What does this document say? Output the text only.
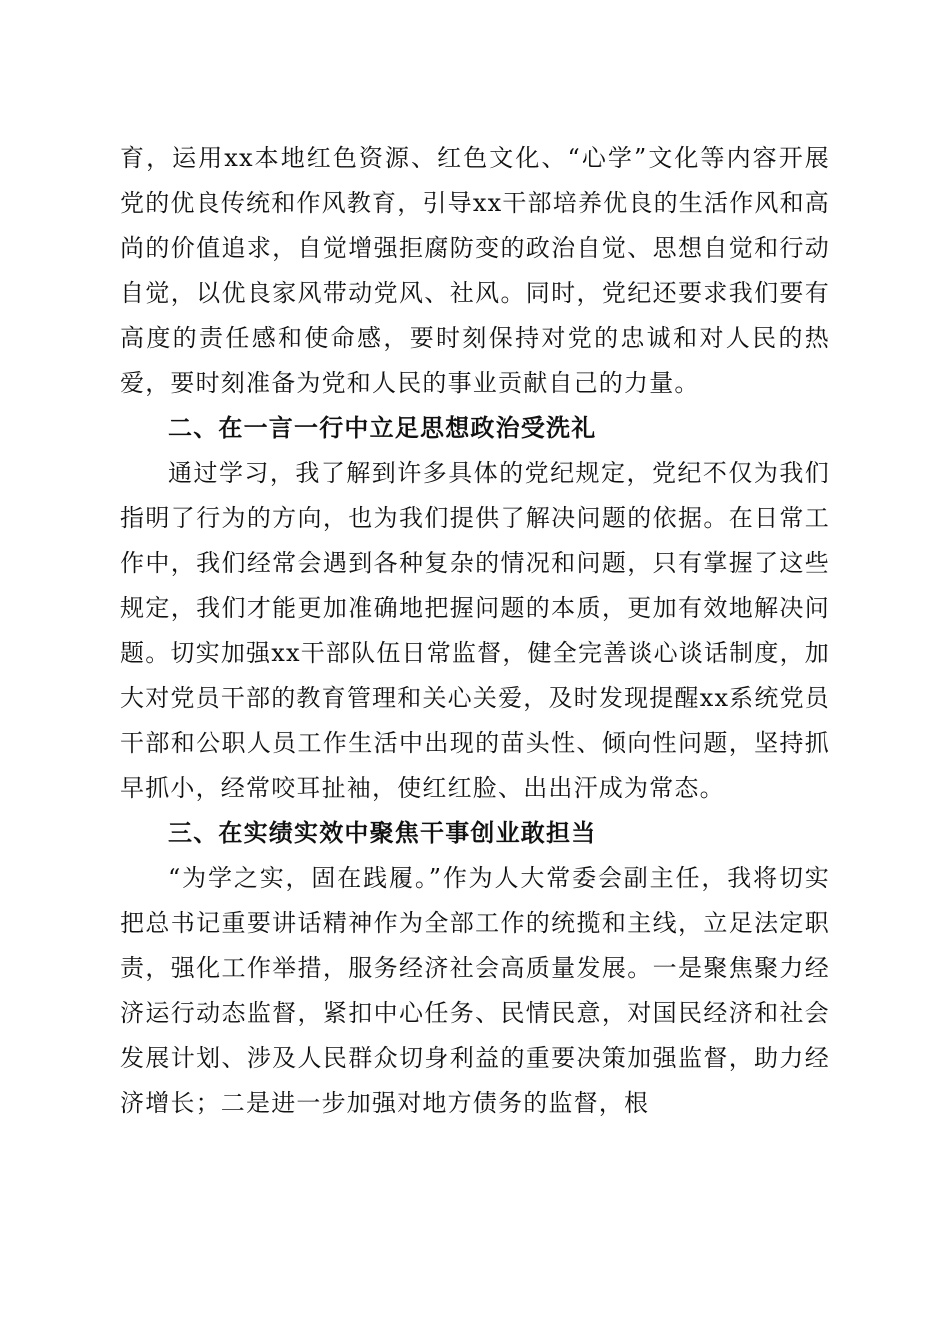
育，运用xx本地红色资源、红色文化、“心学”文化等内容开展党的优良传统和作风教育，引导xx干部培养优良的生活作风和高尚的价值追求，自觉增强拒腐防变的政治自觉、思想自觉和行动自觉，以优良家风带动党风、社风。同时，党纪还要求我们要有高度的责任感和使命感，要时刻保持对党的忠诚和对人民的热爱，要时刻准备为党和人民的事业贡献自己的力量。

二、在一言一行中立足思想政治受洗礼

通过学习，我了解到许多具体的党纪规定，党纪不仅为我们指明了行为的方向，也为我们提供了解决问题的依据。在日常工作中，我们经常会遇到各种复杂的情况和问题，只有掌握了这些规定，我们才能更加准确地把握问题的本质，更加有效地解决问题。切实加强xx干部队伍日常监督，健全完善谈心谈话制度，加大对党员干部的教育管理和关心关爱，及时发现提醒xx系统党员干部和公职人员工作生活中出现的苗头性、倾向性问题，坚持抓早抓小，经常咬耳扯袖，使红红脸、出出汗成为常态。

三、在实绩实效中聚焦干事创业敢担当

“为学之实，固在践履。”作为人大常委会副主任，我将切实把总书记重要讲话精神作为全部工作的统揽和主线，立足法定职责，强化工作举措，服务经济社会高质量发展。一是聚焦聚力经济运行动态监督，紧扣中心任务、民情民意，对国民经济和社会发展计划、涉及人民群众切身利益的重要决策加强监督，助力经济增长；二是进一步加强对地方债务的监督，根
